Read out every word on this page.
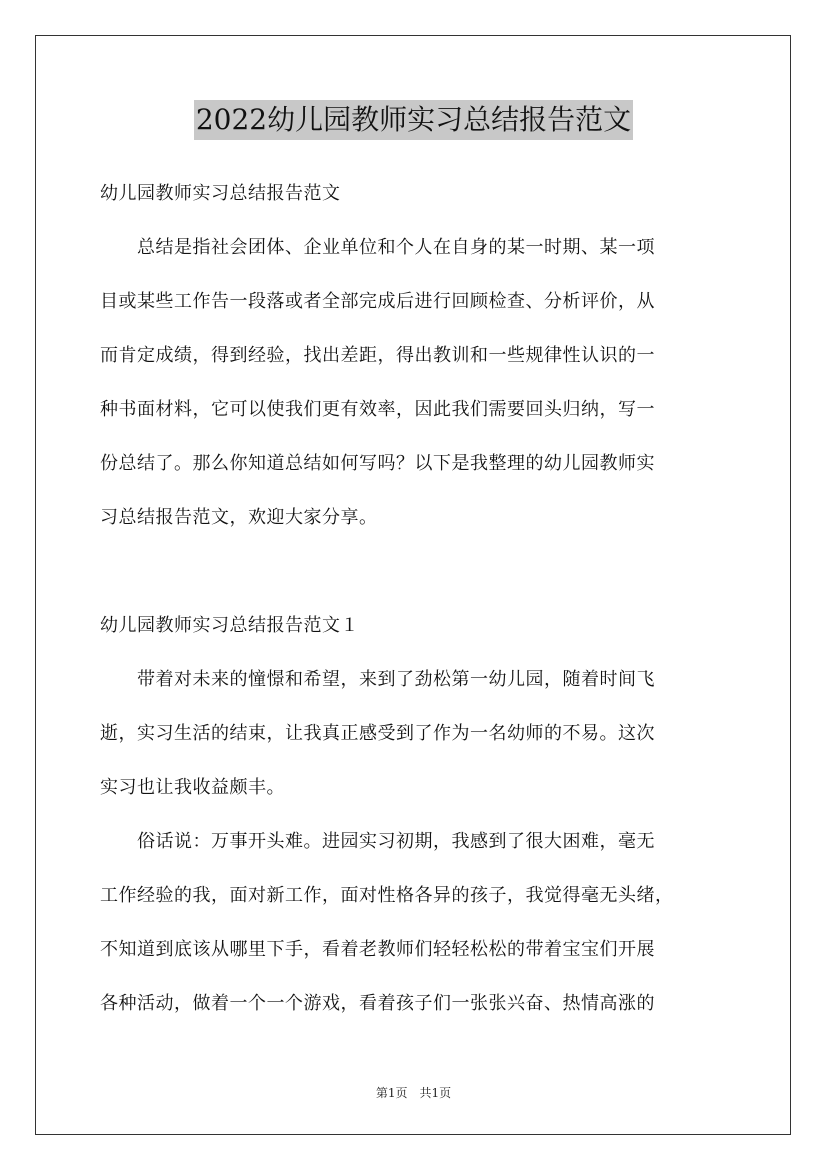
2022幼儿园教师实习总结报告范文
幼儿园教师实习总结报告范文
　　总结是指社会团体、企业单位和个人在自身的某一时期、某一项
目或某些工作告一段落或者全部完成后进行回顾检查、分析评价，从
而肯定成绩，得到经验，找出差距，得出教训和一些规律性认识的一
种书面材料，它可以使我们更有效率，因此我们需要回头归纳，写一
份总结了。那么你知道总结如何写吗？以下是我整理的幼儿园教师实
习总结报告范文，欢迎大家分享。
幼儿园教师实习总结报告范文１
　　带着对未来的憧憬和希望，来到了劲松第一幼儿园，随着时间飞
逝，实习生活的结束，让我真正感受到了作为一名幼师的不易。这次
实习也让我收益颇丰。
　　俗话说：万事开头难。进园实习初期，我感到了很大困难，毫无
工作经验的我，面对新工作，面对性格各异的孩子，我觉得毫无头绪，
不知道到底该从哪里下手，看着老教师们轻轻松松的带着宝宝们开展
各种活动，做着一个一个游戏，看着孩子们一张张兴奋、热情高涨的
第1页　共1页
